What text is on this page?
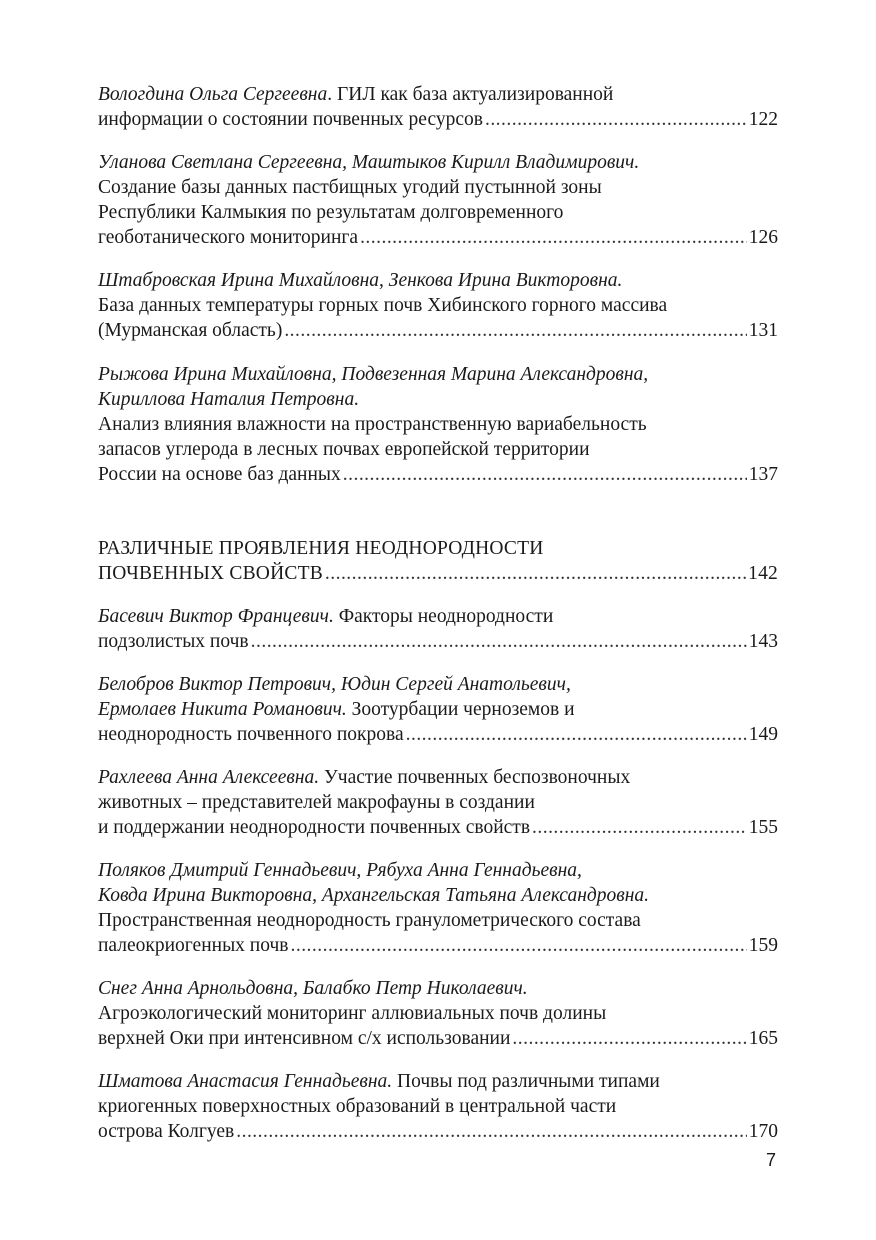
Вологдина Ольга Сергеевна. ГИЛ как база актуализированной
информации о состоянии почвенных ресурсов . . .	122
Уланова Светлана Сергеевна, Маштыков Кирилл Владимирович.
Создание базы данных пастбищных угодий пустынной зоны
Республики Калмыкия по результатам долговременного
геоботанического мониторинга . . .	126
Штабровская Ирина Михайловна, Зенкова Ирина Викторовна.
База данных температуры горных почв Хибинского горного массива
(Мурманская область) . . .	131
Рыжова Ирина Михайловна, Подвезенная Марина Александровна,
Кириллова Наталия Петровна.
Анализ влияния влажности на пространственную вариабельность
запасов углерода в лесных почвах европейской территории
России на основе баз данных . . .	137
РАЗЛИЧНЫЕ ПРОЯВЛЕНИЯ НЕОДНОРОДНОСТИ
ПОЧВЕННЫХ СВОЙСТВ . . .	142
Басевич Виктор Францевич. Факторы неоднородности
подзолистых почв . . .	143
Белобров Виктор Петрович, Юдин Сергей Анатольевич,
Ермолаев Никита Романович. Зоотурбации черноземов и
неоднородность почвенного покрова . . .	149
Рахлеева Анна Алексеевна. Участие почвенных беспозвоночных
животных – представителей макрофауны в создании
и поддержании неоднородности почвенных свойств . . .	155
Поляков Дмитрий Геннадьевич, Рябуха Анна Геннадьевна,
Ковда Ирина Викторовна, Архангельская Татьяна Александровна.
Пространственная неоднородность гранулометрического состава
палеокриогенных почв . . .	159
Снег Анна Арнольдовна, Балабко Петр Николаевич.
Агроэкологический мониторинг аллювиальных почв долины
верхней Оки при интенсивном с/х использовании . . .	165
Шматова Анастасия Геннадьевна. Почвы под различными типами
криогенных поверхностных образований в центральной части
острова Колгуев . . .	170
7
